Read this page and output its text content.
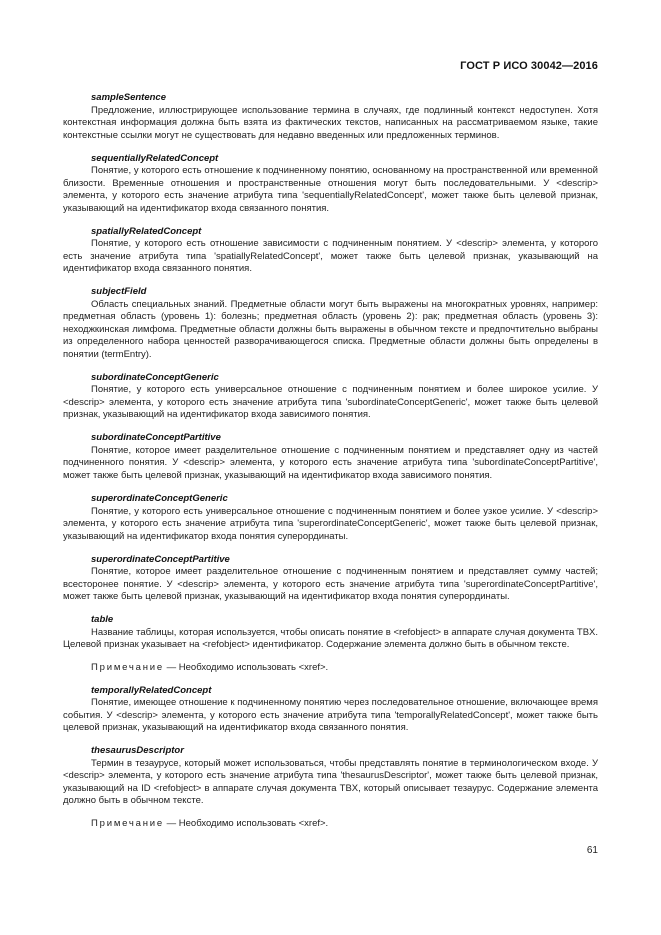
ГОСТ Р ИСО 30042—2016

sampleSentence

Предложение, иллюстрирующее использование термина в случаях, где подлинный контекст недоступен. Хотя контекстная информация должна быть взята из фактических текстов, написанных на рассматриваемом языке, такие контекстные ссылки могут не существовать для недавно введенных или предложенных терминов.

sequentiallyRelatedConcept

Понятие, у которого есть отношение к подчиненному понятию, основанному на пространственной или временной близости. Временные отношения и пространственные отношения могут быть последовательными. У <descrip> элемента, у которого есть значение атрибута типа 'sequentiallyRelatedConcept', может также быть целевой признак, указывающий на идентификатор входа связанного понятия.

spatiallyRelatedConcept

Понятие, у которого есть отношение зависимости с подчиненным понятием. У <descrip> элемента, у которого есть значение атрибута типа 'spatiallyRelatedConcept', может также быть целевой признак, указывающий на идентификатор входа связанного понятия.

subjectField

Область специальных знаний. Предметные области могут быть выражены на многократных уровнях, например: предметная область (уровень 1): болезнь; предметная область (уровень 2): рак; предметная область (уровень 3): неходжкинская лимфома. Предметные области должны быть выражены в обычном тексте и предпочтительно выбраны из определенного набора ценностей разворачивающегося списка. Предметные области должны быть определены в понятии (termEntry).

subordinateConceptGeneric

Понятие, у которого есть универсальное отношение с подчиненным понятием и более широкое усилие. У <descrip> элемента, у которого есть значение атрибута типа 'subordinateConceptGeneric', может также быть целевой признак, указывающий на идентификатор входа зависимого понятия.

subordinateConceptPartitive

Понятие, которое имеет разделительное отношение с подчиненным понятием и представляет одну из частей подчиненного понятия. У <descrip> элемента, у которого есть значение атрибута типа 'subordinateConceptPartitive', может также быть целевой признак, указывающий на идентификатор входа зависимого понятия.

superordinateConceptGeneric

Понятие, у которого есть универсальное отношение с подчиненным понятием и более узкое усилие. У <descrip> элемента, у которого есть значение атрибута типа 'superordinateConceptGeneric', может также быть целевой признак, указывающий на идентификатор входа понятия суперординаты.

superordinateConceptPartitive

Понятие, которое имеет разделительное отношение с подчиненным понятием и представляет сумму частей; всесторонее понятие. У <descrip> элемента, у которого есть значение атрибута типа 'superordinateConceptPartitive', может также быть целевой признак, указывающий на идентификатор входа понятия суперординаты.

table

Название таблицы, которая используется, чтобы описать понятие в <refobject> в аппарате случая документа TBX. Целевой признак указывает на <refobject> идентификатор. Содержание элемента должно быть в обычном тексте.

Примечание — Необходимо использовать <xref>.

temporallyRelatedConcept

Понятие, имеющее отношение к подчиненному понятию через последовательное отношение, включающее время события. У <descrip> элемента, у которого есть значение атрибута типа 'temporallyRelatedConcept', может также быть целевой признак, указывающий на идентификатор входа связанного понятия.

thesaurusDescriptor

Термин в тезаурусе, который может использоваться, чтобы представлять понятие в терминологическом входе. У <descrip> элемента, у которого есть значение атрибута типа 'thesaurusDescriptor', может также быть целевой признак, указывающий на ID <refobject> в аппарате случая документа TBX, который описывает тезаурус. Содержание элемента должно быть в обычном тексте.

Примечание — Необходимо использовать <xref>.

61
